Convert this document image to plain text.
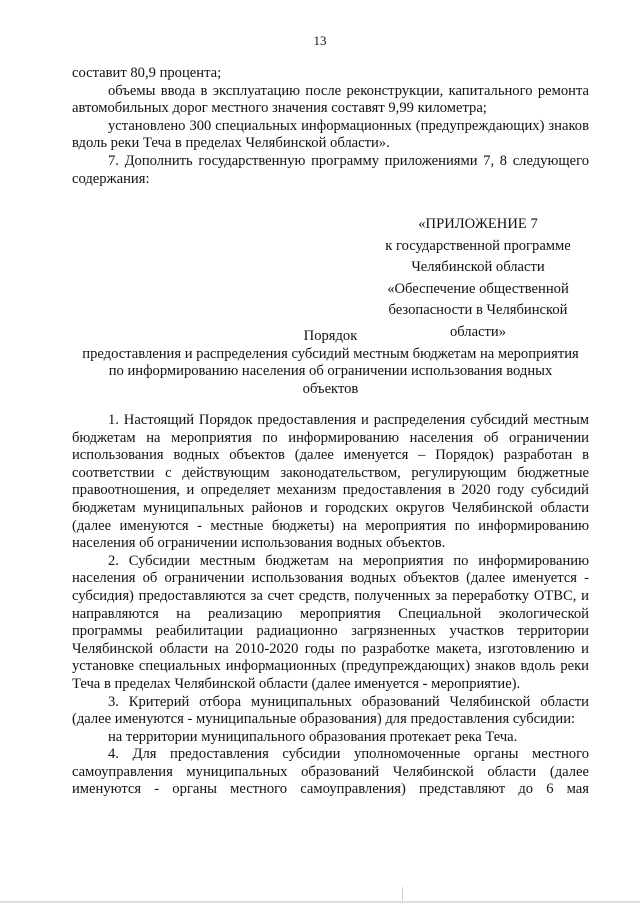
13

составит 80,9 процента;

объемы ввода в эксплуатацию после реконструкции, капитального ремонта автомобильных дорог местного значения составят 9,99 километра;

установлено 300 специальных информационных (предупреждающих) знаков вдоль реки Теча в пределах Челябинской области».

7. Дополнить государственную программу приложениями 7, 8 следующего содержания:

«ПРИЛОЖЕНИЕ 7
к государственной программе
Челябинской области
«Обеспечение общественной
безопасности в Челябинской
области»
Порядок
предоставления и распределения субсидий местным бюджетам на мероприятия
по информированию населения об ограничении использования водных
объектов

1. Настоящий Порядок предоставления и распределения субсидий местным бюджетам на мероприятия по информированию населения об ограничении использования водных объектов (далее именуется – Порядок) разработан в соответствии с действующим законодательством, регулирующим бюджетные правоотношения, и определяет механизм предоставления в 2020 году субсидий бюджетам муниципальных районов и городских округов Челябинской области (далее именуются - местные бюджеты) на мероприятия по информированию населения об ограничении использования водных объектов.

2. Субсидии местным бюджетам на мероприятия по информированию населения об ограничении использования водных объектов (далее именуется - субсидия) предоставляются за счет средств, полученных за переработку ОТВС, и направляются на реализацию мероприятия Специальной экологической программы реабилитации радиационно загрязненных участков территории Челябинской области на 2010-2020 годы по разработке макета, изготовлению и установке специальных информационных (предупреждающих) знаков вдоль реки Теча в пределах Челябинской области (далее именуется - мероприятие).

3. Критерий отбора муниципальных образований Челябинской области (далее именуются - муниципальные образования) для предоставления субсидии:

на территории муниципального образования протекает река Теча.

4. Для предоставления субсидии уполномоченные органы местного самоуправления муниципальных образований Челябинской области (далее именуются - органы местного самоуправления) представляют до 6 мая
